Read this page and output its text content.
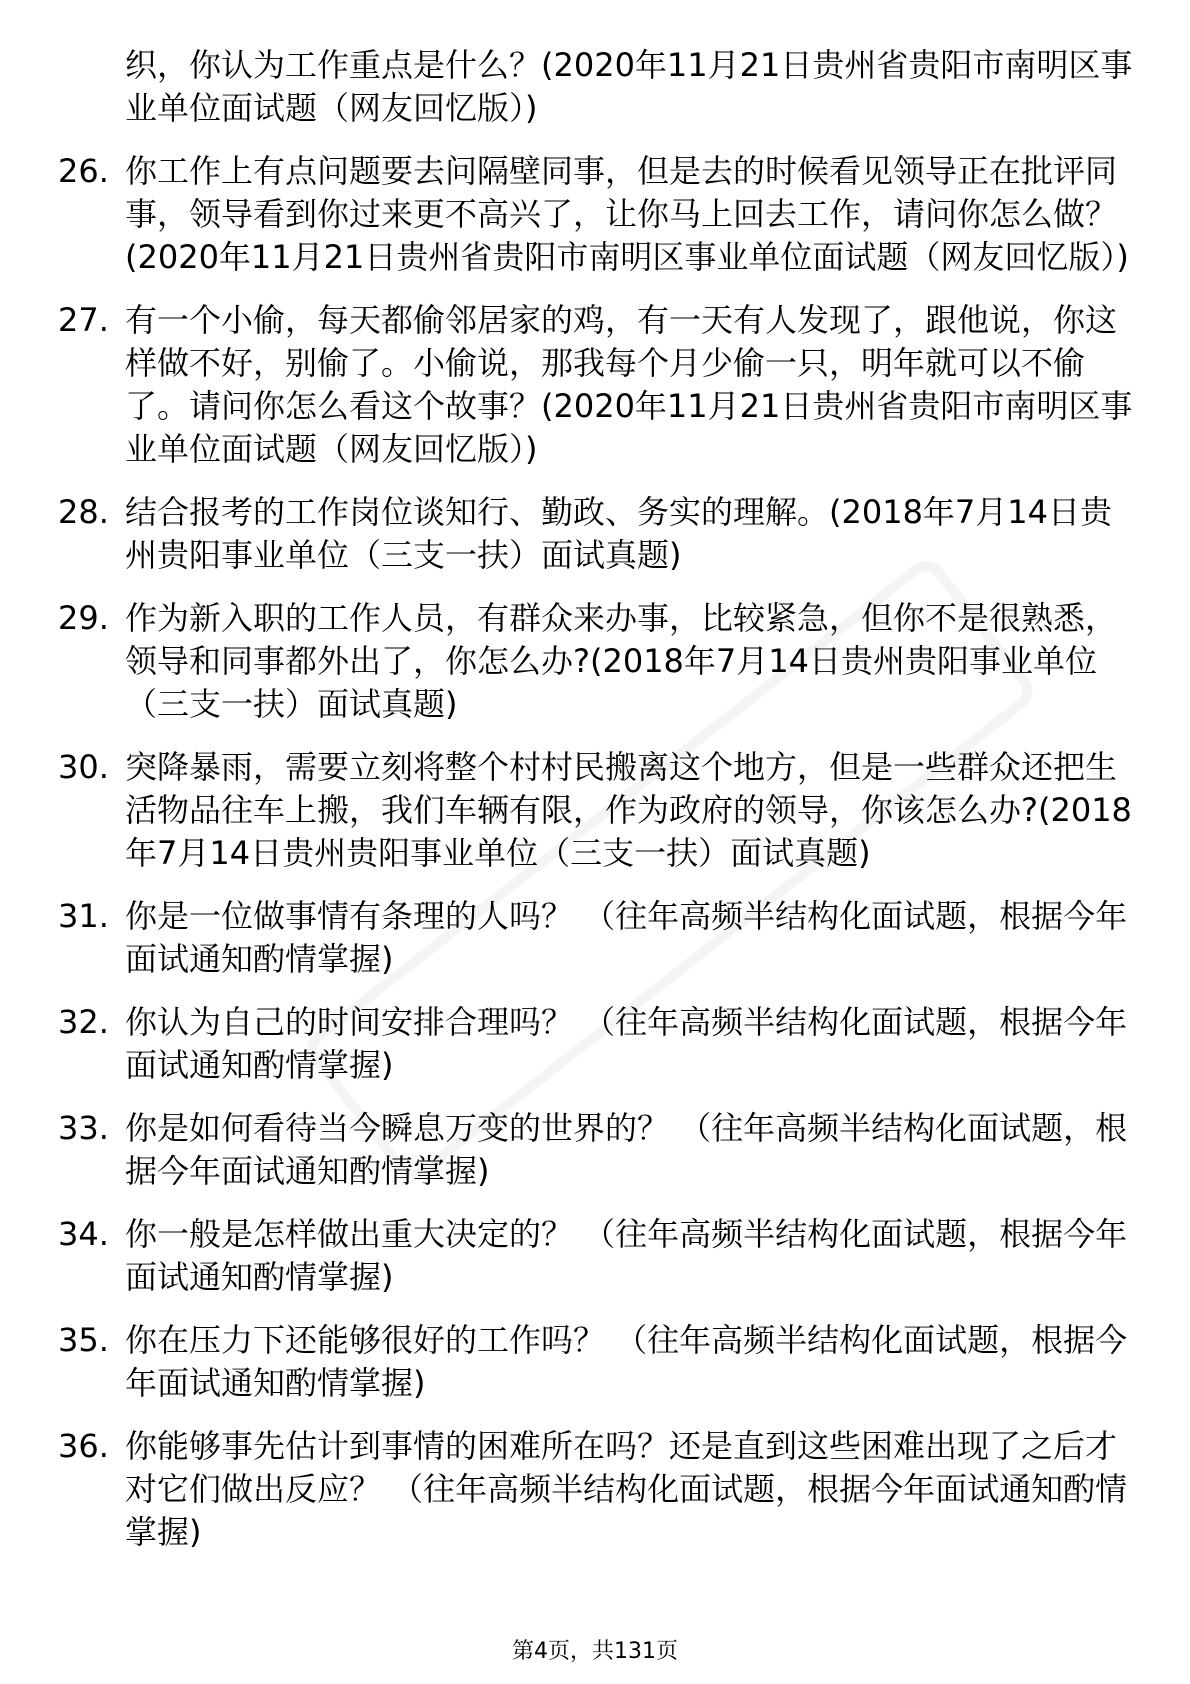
织，你认为工作重点是什么？(2020年11月21日贵州省贵阳市南明区事业单位面试题（网友回忆版）)
26. 你工作上有点问题要去问隔壁同事，但是去的时候看见领导正在批评同事，领导看到你过来更不高兴了，让你马上回去工作，请问你怎么做？(2020年11月21日贵州省贵阳市南明区事业单位面试题（网友回忆版）)
27. 有一个小偷，每天都偷邻居家的鸡，有一天有人发现了，跟他说，你这样做不好，别偷了。小偷说，那我每个月少偷一只，明年就可以不偷了。请问你怎么看这个故事？(2020年11月21日贵州省贵阳市南明区事业单位面试题（网友回忆版）)
28. 结合报考的工作岗位谈知行、勤政、务实的理解。(2018年7月14日贵州贵阳事业单位（三支一扶）面试真题)
29. 作为新入职的工作人员，有群众来办事，比较紧急，但你不是很熟悉，领导和同事都外出了，你怎么办?(2018年7月14日贵州贵阳事业单位（三支一扶）面试真题)
30. 突降暴雨，需要立刻将整个村村民搬离这个地方，但是一些群众还把生活物品往车上搬，我们车辆有限，作为政府的领导，你该怎么办?(2018年7月14日贵州贵阳事业单位（三支一扶）面试真题)
31. 你是一位做事情有条理的人吗？ （往年高频半结构化面试题，根据今年面试通知酌情掌握)
32. 你认为自己的时间安排合理吗？ （往年高频半结构化面试题，根据今年面试通知酌情掌握)
33. 你是如何看待当今瞬息万变的世界的？ （往年高频半结构化面试题，根据今年面试通知酌情掌握)
34. 你一般是怎样做出重大决定的？ （往年高频半结构化面试题，根据今年面试通知酌情掌握)
35. 你在压力下还能够很好的工作吗？ （往年高频半结构化面试题，根据今年面试通知酌情掌握)
36. 你能够事先估计到事情的困难所在吗？还是直到这些困难出现了之后才对它们做出反应？ （往年高频半结构化面试题，根据今年面试通知酌情掌握)
第4页，共131页
